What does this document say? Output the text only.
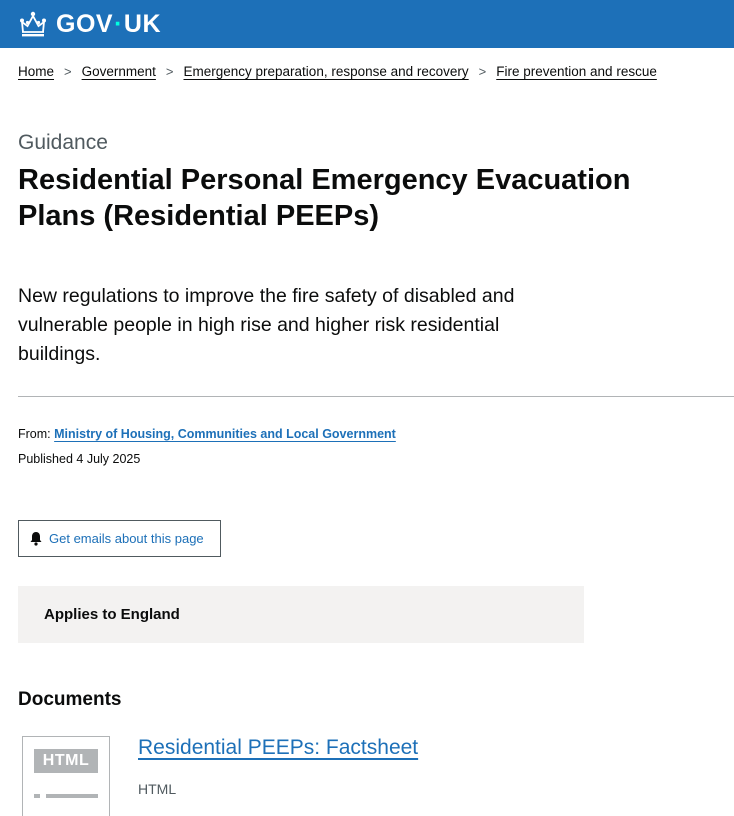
GOV·UK
Home > Government > Emergency preparation, response and recovery > Fire prevention and rescue
Guidance
Residential Personal Emergency Evacuation Plans (Residential PEEPs)

New regulations to improve the fire safety of disabled and vulnerable people in high rise and higher risk residential buildings.

From: Ministry of Housing, Communities and Local Government
Published 4 July 2025
Get emails about this page
Applies to England
Documents
HTML
Residential PEEPs: Factsheet
HTML
